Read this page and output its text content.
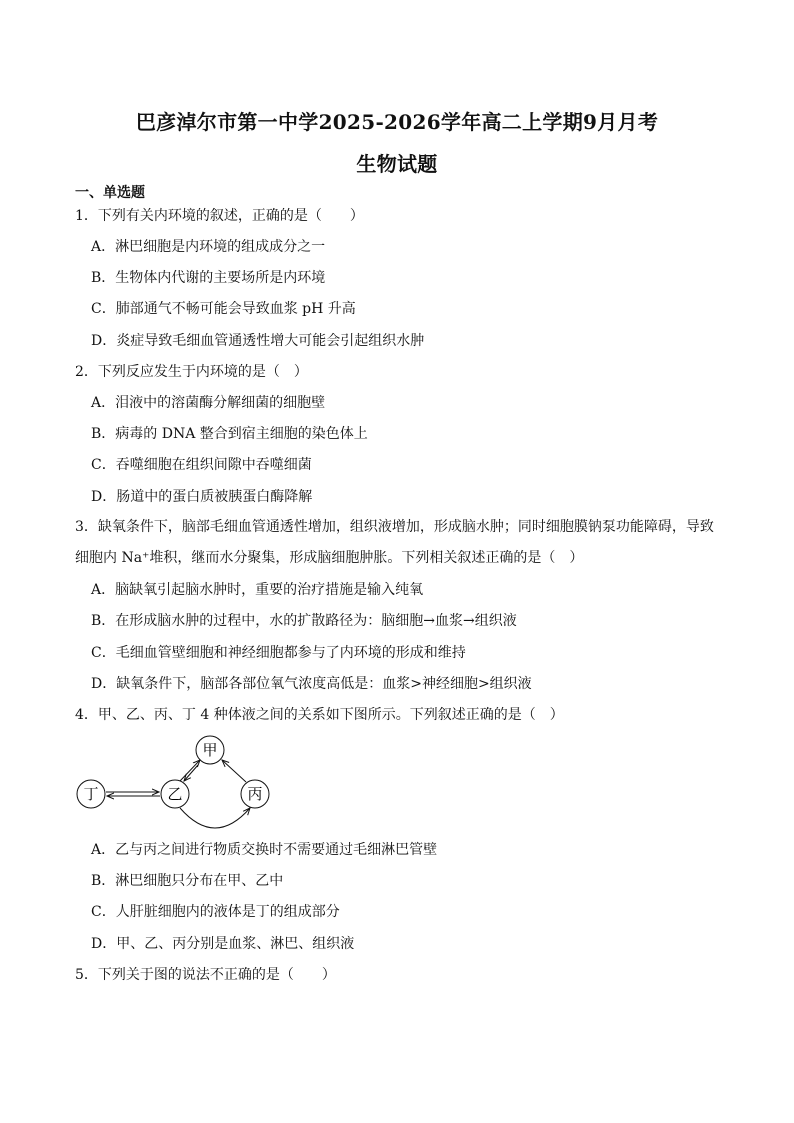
巴彦淖尔市第一中学2025-2026学年高二上学期9月月考
生物试题
一、单选题
1．下列有关内环境的叙述，正确的是（　　）
A．淋巴细胞是内环境的组成成分之一
B．生物体内代谢的主要场所是内环境
C．肺部通气不畅可能会导致血浆 pH 升高
D．炎症导致毛细血管通透性增大可能会引起组织水肿
2．下列反应发生于内环境的是（　）
A．泪液中的溶菌酶分解细菌的细胞壁
B．病毒的 DNA 整合到宿主细胞的染色体上
C．吞噬细胞在组织间隙中吞噬细菌
D．肠道中的蛋白质被胰蛋白酶降解
3．缺氧条件下，脑部毛细血管通透性增加，组织液增加，形成脑水肿；同时细胞膜钠泵功能障碍，导致细胞内 Na⁺堆积，继而水分聚集，形成脑细胞肿胀。下列相关叙述正确的是（　）
A．脑缺氧引起脑水肿时，重要的治疗措施是输入纯氧
B．在形成脑水肿的过程中，水的扩散路径为：脑细胞→血浆→组织液
C．毛细血管壁细胞和神经细胞都参与了内环境的形成和维持
D．缺氧条件下，脑部各部位氧气浓度高低是：血浆>神经细胞>组织液
4．甲、乙、丙、丁 4 种体液之间的关系如下图所示。下列叙述正确的是（　）
甲
乙	丙
丁
A．乙与丙之间进行物质交换时不需要通过毛细淋巴管壁
B．淋巴细胞只分布在甲、乙中
C．人肝脏细胞内的液体是丁的组成部分
D．甲、乙、丙分别是血浆、淋巴、组织液
5．下列关于图的说法不正确的是（　　）
